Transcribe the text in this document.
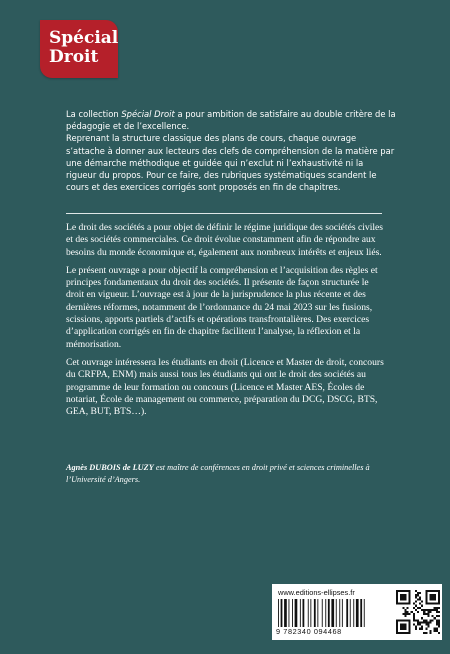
Spécial
Droit

La collection Spécial Droit a pour ambition de satisfaire au double critère de la pédagogie et de l’excellence.

Reprenant la structure classique des plans de cours, chaque ouvrage s’attache à donner aux lecteurs des clefs de compréhension de la matière par une démarche méthodique et guidée qui n’exclut ni l’exhaustivité ni la rigueur du propos. Pour ce faire, des rubriques systématiques scandent le cours et des exercices corrigés sont proposés en fin de chapitres.

Le droit des sociétés a pour objet de définir le régime juridique des sociétés civiles et des sociétés commerciales. Ce droit évolue constamment afin de répondre aux besoins du monde économique et, également aux nombreux intérêts et enjeux liés.

Le présent ouvrage a pour objectif la compréhension et l’acquisition des règles et principes fondamentaux du droit des sociétés. Il présente de façon structurée le droit en vigueur. L’ouvrage est à jour de la jurisprudence la plus récente et des dernières réformes, notamment de l’ordonnance du 24 mai 2023 sur les fusions, scissions, apports partiels d’actifs et opérations transfrontalières. Des exercices d’application corrigés en fin de chapitre facilitent l’analyse, la réflexion et la mémorisation.

Cet ouvrage intéressera les étudiants en droit (Licence et Master de droit, concours du CRFPA, ENM) mais aussi tous les étudiants qui ont le droit des sociétés au programme de leur formation ou concours (Licence et Master AES, Écoles de notariat, École de management ou commerce, préparation du DCG, DSCG, BTS, GEA, BUT, BTS…).

Agnès DUBOIS de LUZY est maître de conférences en droit privé et sciences criminelles à l’Université d’Angers.
www.editions-ellipses.fr
9 782340 094468
